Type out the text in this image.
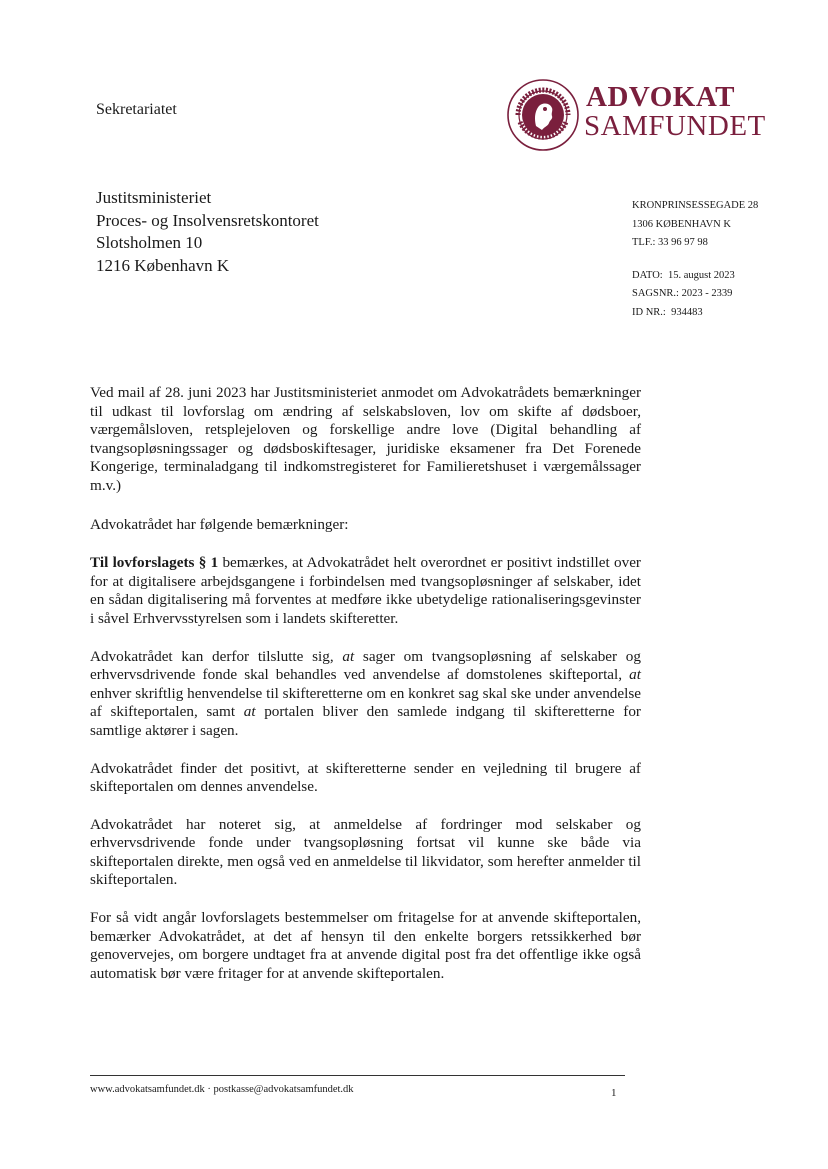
Sekretariatet	ADVOKAT
SAMFUNDET
Justitsministeriet
Proces- og Insolvensretskontoret
Slotsholmen 10
1216 København K
KRONPRINSESSEGADE 28
1306 KØBENHAVN K
TLF.: 33 96 97 98
DATO: 15. august 2023
SAGSNR.: 2023 - 2339
ID NR.: 934483

Ved mail af 28. juni 2023 har Justitsministeriet anmodet om Advokatrådets bemærkninger til udkast til lovforslag om ændring af selskabsloven, lov om skifte af dødsboer, værgemålsloven, retsplejeloven og forskellige andre love (Digital behandling af tvangsopløsningssager og dødsboskiftesager, juridiske eksamener fra Det Forenede Kongerige, terminaladgang til indkomstregisteret for Familieretshuset i værgemålssager m.v.)

Advokatrådet har følgende bemærkninger:

Til lovforslagets § 1 bemærkes, at Advokatrådet helt overordnet er positivt indstillet over for at digitalisere arbejdsgangene i forbindelsen med tvangsopløsninger af selskaber, idet en sådan digitalisering må forventes at medføre ikke ubetydelige rationaliseringsgevinster i såvel Erhvervsstyrelsen som i landets skifteretter.

Advokatrådet kan derfor tilslutte sig, at sager om tvangsopløsning af selskaber og erhvervsdrivende fonde skal behandles ved anvendelse af domstolenes skifteportal, at enhver skriftlig henvendelse til skifteretterne om en konkret sag skal ske under anvendelse af skifteportalen, samt at portalen bliver den samlede indgang til skifteretterne for samtlige aktører i sagen.

Advokatrådet finder det positivt, at skifteretterne sender en vejledning til brugere af skifteportalen om dennes anvendelse.

Advokatrådet har noteret sig, at anmeldelse af fordringer mod selskaber og erhvervsdrivende fonde under tvangsopløsning fortsat vil kunne ske både via skifteportalen direkte, men også ved en anmeldelse til likvidator, som herefter anmelder til skifteportalen.

For så vidt angår lovforslagets bestemmelser om fritagelse for at anvende skifteportalen, bemærker Advokatrådet, at det af hensyn til den enkelte borgers retssikkerhed bør genovervejes, om borgere undtaget fra at anvende digital post fra det offentlige ikke også automatisk bør være fritager for at anvende skifteportalen.

www.advokatsamfundet.dk · postkasse@advokatsamfundet.dk	1
